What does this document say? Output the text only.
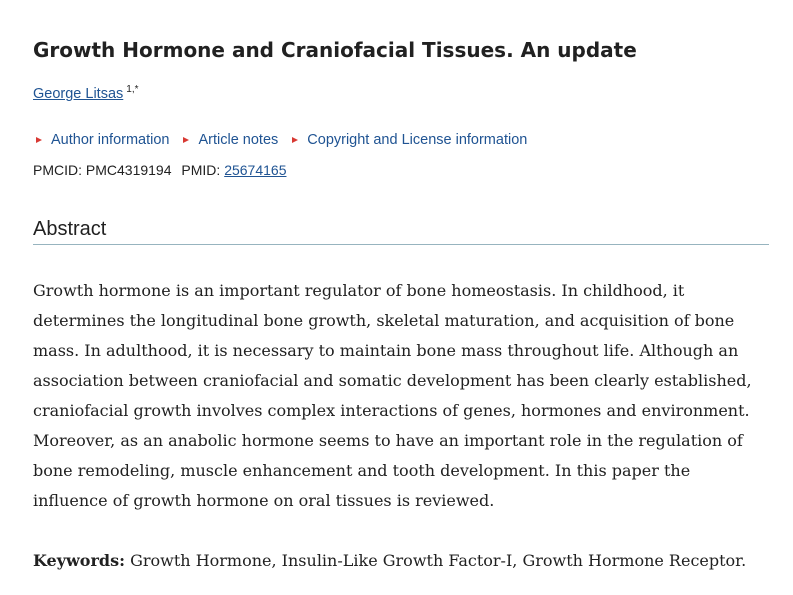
Growth Hormone and Craniofacial Tissues. An update
George Litsas $^{1,*}$
Author information Article notes Copyright and License information
PMCID: PMC4319194 PMID: 25674165
Abstract

Growth hormone is an important regulator of bone homeostasis. In childhood, it determines the longitudinal bone growth, skeletal maturation, and acquisition of bone mass. In adulthood, it is necessary to maintain bone mass throughout life. Although an association between craniofacial and somatic development has been clearly established, craniofacial growth involves complex interactions of genes, hormones and environment. Moreover, as an anabolic hormone seems to have an important role in the regulation of bone remodeling, muscle enhancement and tooth development. In this paper the influence of growth hormone on oral tissues is reviewed.

Keywords: Growth Hormone, Insulin-Like Growth Factor-I, Growth Hormone Receptor.
